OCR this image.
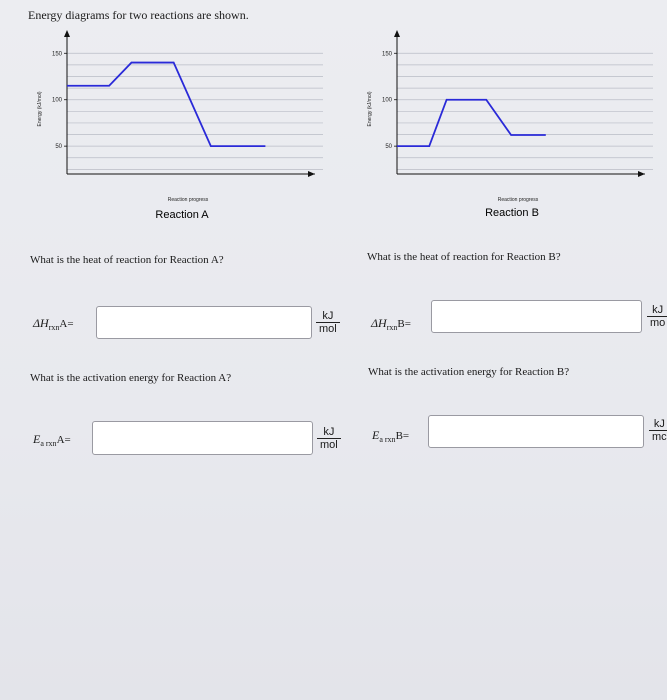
Energy diagrams for two reactions are shown.
Energy (kJ/mol)
150
100
50
Reaction progress
Reaction A
Energy (kJ/mol)
150
100
50
Reaction progress
Reaction B
What is the heat of reaction for Reaction A?	What is the heat of reaction for Reaction B?
$\Delta H_{rxn}A=$
kJ
mol	$\Delta H_{rxn}B=$	$\frac{kJ}{mo}$
What is the activation energy for Reaction A?	What is the activation energy for Reaction B?
$E_{a rxn}A=$
kJ
mol
$E_{a rxn}B=$	$\frac{kJ}{mc}$
